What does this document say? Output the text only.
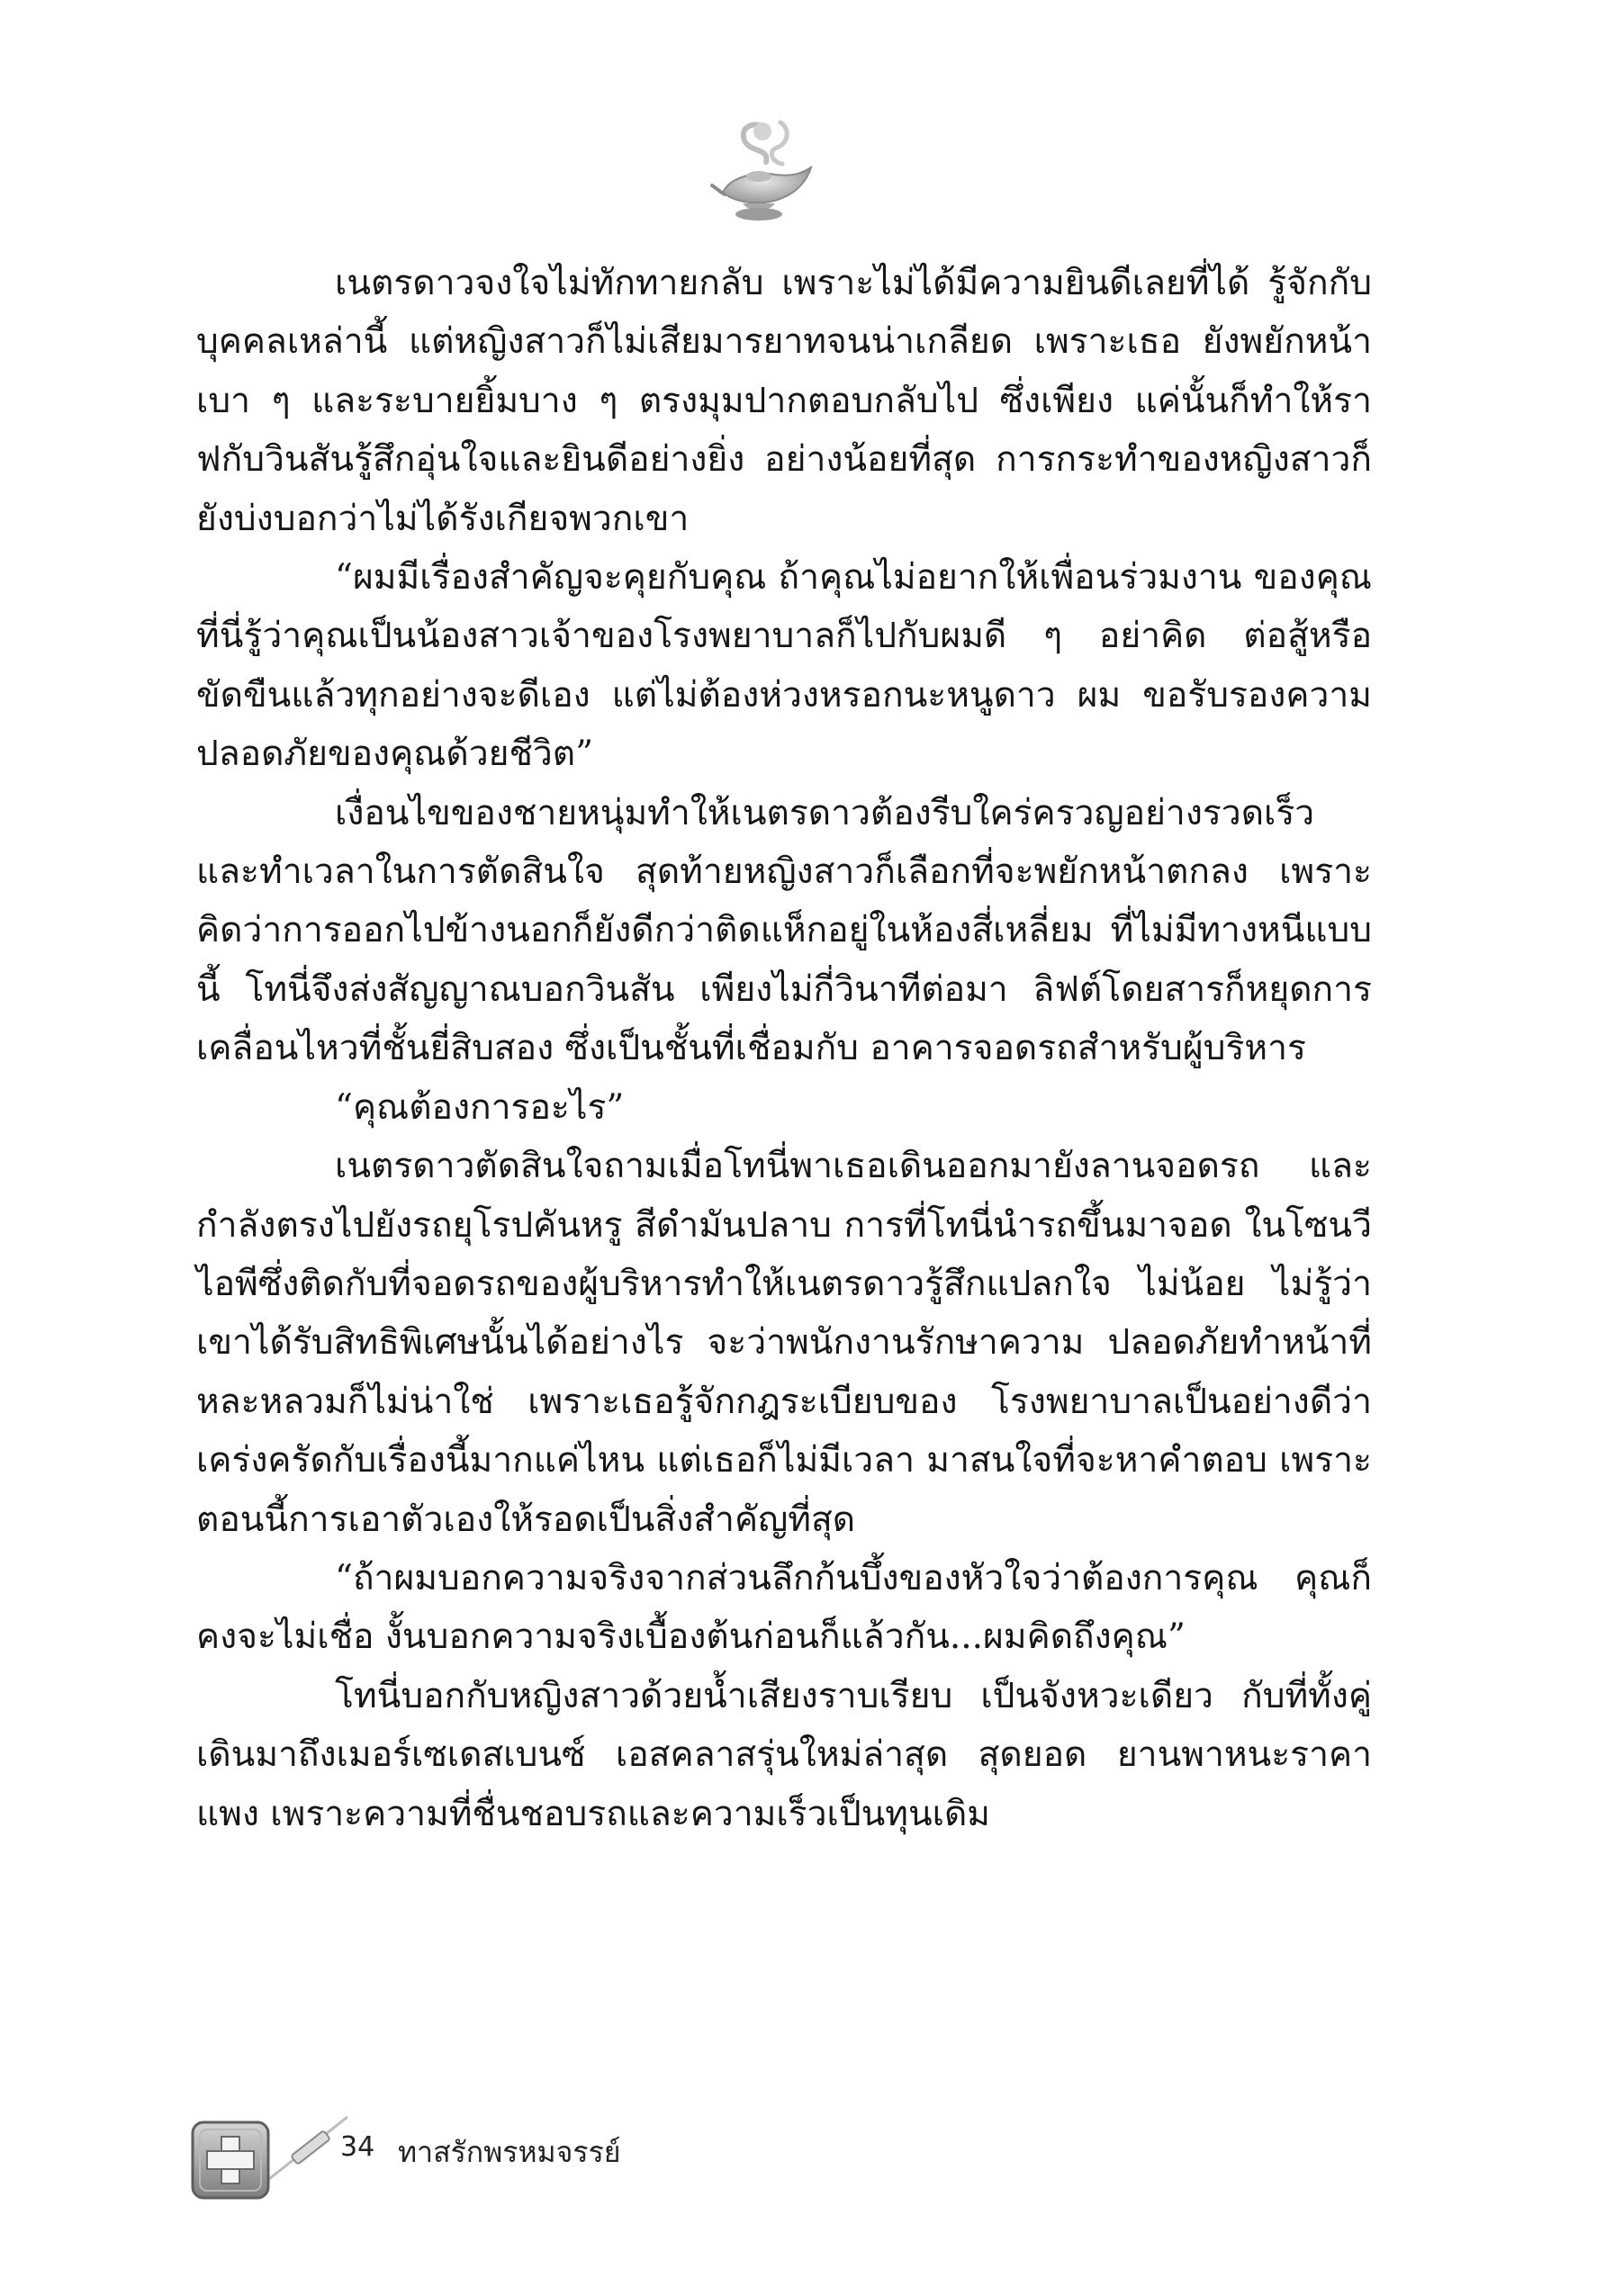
เนตรดาวจงใจไม่ทักทายกลับ เพราะไม่ได้มีความยินดีเลยที่ได้ รู้จักกับบุคคลเหล่านี้ แต่หญิงสาวก็ไม่เสียมารยาทจนน่าเกลียด เพราะเธอ ยังพยักหน้าเบา ๆ และระบายยิ้มบาง ๆ ตรงมุมปากตอบกลับไป ซึ่งเพียง แค่นั้นก็ทำให้ราฟกับวินสันรู้สึกอุ่นใจและยินดีอย่างยิ่ง อย่างน้อยที่สุด การกระทำของหญิงสาวก็ยังบ่งบอกว่าไม่ได้รังเกียจพวกเขา

“ผมมีเรื่องสำคัญจะคุยกับคุณ ถ้าคุณไม่อยากให้เพื่อนร่วมงาน ของคุณที่นี่รู้ว่าคุณเป็นน้องสาวเจ้าของโรงพยาบาลก็ไปกับผมดี ๆ อย่าคิด ต่อสู้หรือขัดขืนแล้วทุกอย่างจะดีเอง แต่ไม่ต้องห่วงหรอกนะหนูดาว ผม ขอรับรองความปลอดภัยของคุณด้วยชีวิต”

เงื่อนไขของชายหนุ่มทำให้เนตรดาวต้องรีบใคร่ครวญอย่างรวดเร็ว และทำเวลาในการตัดสินใจ สุดท้ายหญิงสาวก็เลือกที่จะพยักหน้าตกลง เพราะคิดว่าการออกไปข้างนอกก็ยังดีกว่าติดแห็กอยู่ในห้องสี่เหลี่ยม ที่ไม่มีทางหนีแบบนี้ โทนี่จึงส่งสัญญาณบอกวินสัน เพียงไม่กี่วินาทีต่อมา ลิฟต์โดยสารก็หยุดการเคลื่อนไหวที่ชั้นยี่สิบสอง ซึ่งเป็นชั้นที่เชื่อมกับ อาคารจอดรถสำหรับผู้บริหาร

“คุณต้องการอะไร”

เนตรดาวตัดสินใจถามเมื่อโทนี่พาเธอเดินออกมายังลานจอดรถ และกำลังตรงไปยังรถยุโรปคันหรู สีดำมันปลาบ การที่โทนี่นำรถขึ้นมาจอด ในโซนวีไอพีซึ่งติดกับที่จอดรถของผู้บริหารทำให้เนตรดาวรู้สึกแปลกใจ ไม่น้อย ไม่รู้ว่าเขาได้รับสิทธิพิเศษนั้นได้อย่างไร จะว่าพนักงานรักษาความ ปลอดภัยทำหน้าที่หละหลวมก็ไม่น่าใช่ เพราะเธอรู้จักกฎระเบียบของ โรงพยาบาลเป็นอย่างดีว่าเคร่งครัดกับเรื่องนี้มากแค่ไหน แต่เธอก็ไม่มีเวลา มาสนใจที่จะหาคำตอบ เพราะตอนนี้การเอาตัวเองให้รอดเป็นสิ่งสำคัญที่สุด

“ถ้าผมบอกความจริงจากส่วนลึกก้นบึ้งของหัวใจว่าต้องการคุณ คุณก็คงจะไม่เชื่อ งั้นบอกความจริงเบื้องต้นก่อนก็แล้วกัน...ผมคิดถึงคุณ”

โทนี่บอกกับหญิงสาวด้วยน้ำเสียงราบเรียบ เป็นจังหวะเดียว กับที่ทั้งคู่เดินมาถึงเมอร์เซเดสเบนซ์ เอสคลาสรุ่นใหม่ล่าสุด สุดยอด ยานพาหนะราคาแพง เพราะความที่ชื่นชอบรถและความเร็วเป็นทุนเดิม

34 ทาสรักพรหมจรรย์
